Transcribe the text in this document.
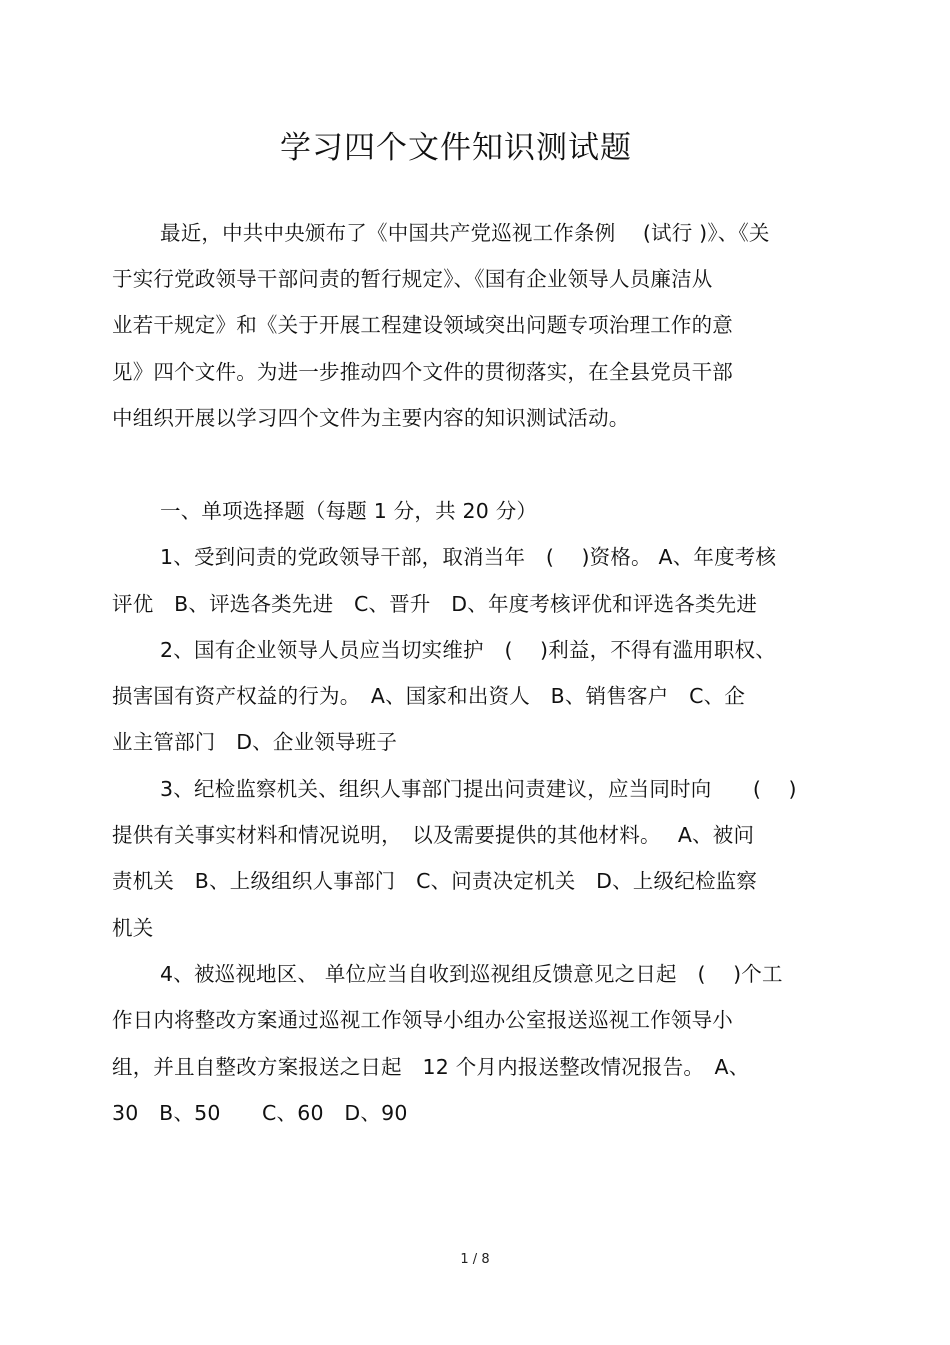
学习四个文件知识测试题
最近，中共中央颁布了《中国共产党巡视工作条例　 (试行 )》、《关
于实行党政领导干部问责的暂行规定》、《国有企业领导人员廉洁从
业若干规定》和《关于开展工程建设领域突出问题专项治理工作的意
见》四个文件。为进一步推动四个文件的贯彻落实，在全县党员干部
中组织开展以学习四个文件为主要内容的知识测试活动。
一、单项选择题（每题 1 分，共 20 分）
1、受到问责的党政领导干部，取消当年　(　 )资格。 A、年度考核
评优　B、评选各类先进　C、晋升　D、年度考核评优和评选各类先进
2、国有企业领导人员应当切实维护　( 　)利益，不得有滥用职权、
损害国有资产权益的行为。　A、国家和出资人　B、销售客户　C、企
业主管部门　D、企业领导班子
3、纪检监察机关、组织人事部门提出问责建议，应当同时向　　(　 )
提供有关事实材料和情况说明，　以及需要提供的其他材料。　 A、被问
责机关　B、上级组织人事部门　C、问责决定机关　D、上级纪检监察
机关
4、被巡视地区、 单位应当自收到巡视组反馈意见之日起　(　 )个工
作日内将整改方案通过巡视工作领导小组办公室报送巡视工作领导小
组，并且自整改方案报送之日起　12 个月内报送整改情况报告。　A、
30　B、50　　C、60　D、90
1 / 8
